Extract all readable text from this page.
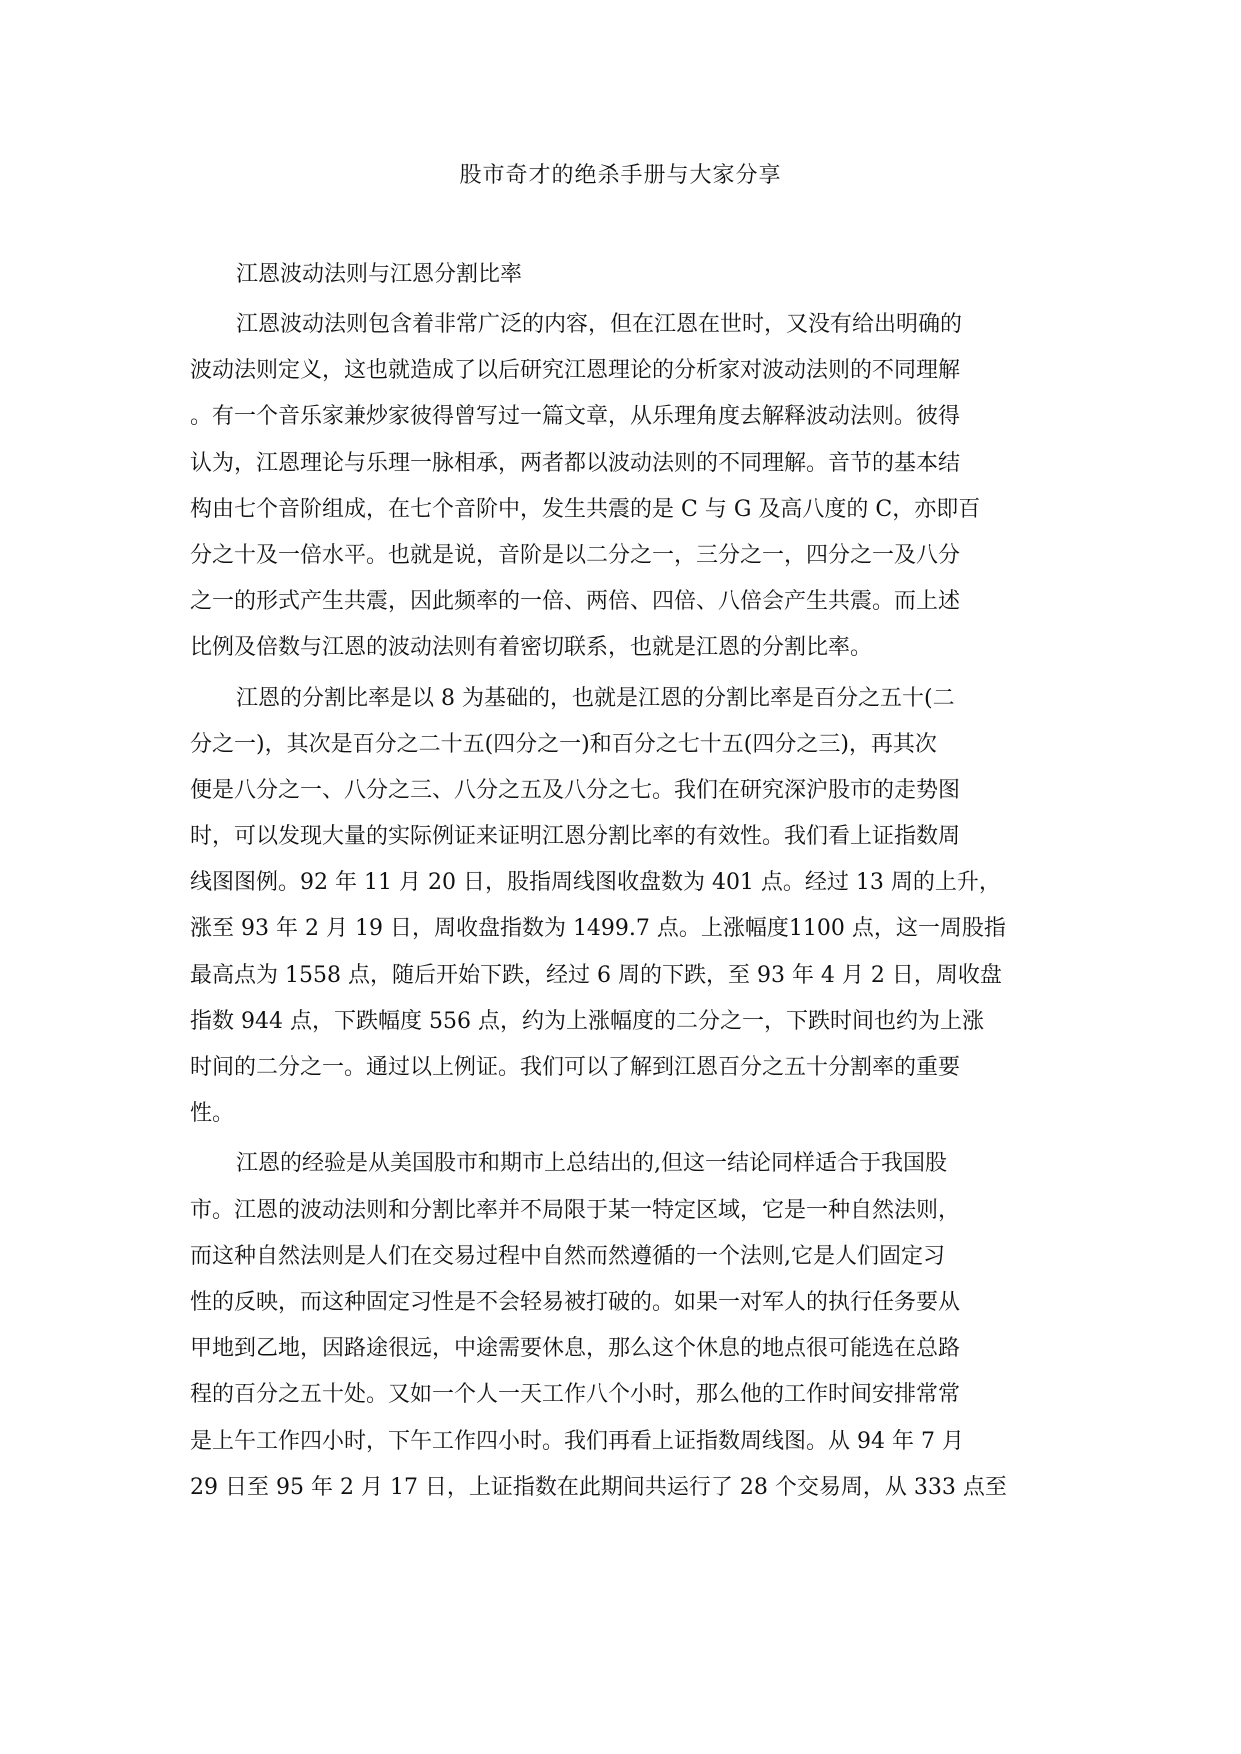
股市奇才的绝杀手册与大家分享
江恩波动法则与江恩分割比率
江恩波动法则包含着非常广泛的内容，但在江恩在世时，又没有给出明确的
波动法则定义，这也就造成了以后研究江恩理论的分析家对波动法则的不同理解
。有一个音乐家兼炒家彼得曾写过一篇文章，从乐理角度去解释波动法则。彼得
认为，江恩理论与乐理一脉相承，两者都以波动法则的不同理解。音节的基本结
构由七个音阶组成，在七个音阶中，发生共震的是 C 与 G 及高八度的 C，亦即百
分之十及一倍水平。也就是说，音阶是以二分之一，三分之一，四分之一及八分
之一的形式产生共震，因此频率的一倍、两倍、四倍、八倍会产生共震。而上述
比例及倍数与江恩的波动法则有着密切联系，也就是江恩的分割比率。
江恩的分割比率是以 8 为基础的，也就是江恩的分割比率是百分之五十(二
分之一)，其次是百分之二十五(四分之一)和百分之七十五(四分之三)，再其次
便是八分之一、八分之三、八分之五及八分之七。我们在研究深沪股市的走势图
时，可以发现大量的实际例证来证明江恩分割比率的有效性。我们看上证指数周
线图图例。92 年 11 月 20 日，股指周线图收盘数为 401 点。经过 13 周的上升，
涨至 93 年 2 月 19 日，周收盘指数为 1499.7 点。上涨幅度1100 点，这一周股指
最高点为 1558 点，随后开始下跌，经过 6 周的下跌，至 93 年 4 月 2 日，周收盘
指数 944 点，下跌幅度 556 点，约为上涨幅度的二分之一，下跌时间也约为上涨
时间的二分之一。通过以上例证。我们可以了解到江恩百分之五十分割率的重要
性。
江恩的经验是从美国股市和期市上总结出的,但这一结论同样适合于我国股
市。江恩的波动法则和分割比率并不局限于某一特定区域，它是一种自然法则，
而这种自然法则是人们在交易过程中自然而然遵循的一个法则,它是人们固定习
性的反映，而这种固定习性是不会轻易被打破的。如果一对军人的执行任务要从
甲地到乙地，因路途很远，中途需要休息，那么这个休息的地点很可能选在总路
程的百分之五十处。又如一个人一天工作八个小时，那么他的工作时间安排常常
是上午工作四小时，下午工作四小时。我们再看上证指数周线图。从 94 年 7 月
29 日至 95 年 2 月 17 日，上证指数在此期间共运行了 28 个交易周，从 333 点至
